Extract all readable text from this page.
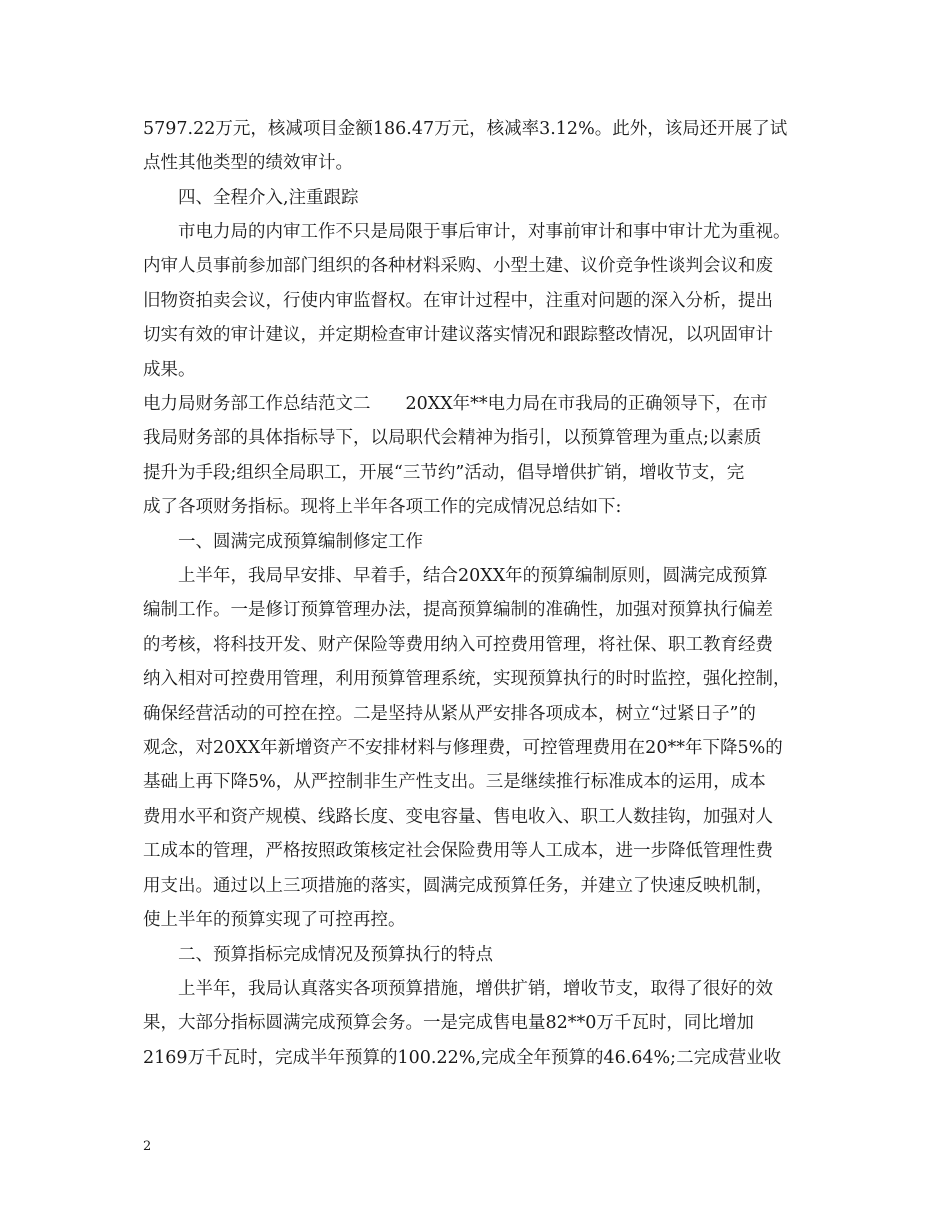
5797.22万元，核减项目金额186.47万元，核减率3.12%。此外，该局还开展了试
点性其他类型的绩效审计。
四、全程介入,注重跟踪
市电力局的内审工作不只是局限于事后审计，对事前审计和事中审计尤为重视。
内审人员事前参加部门组织的各种材料采购、小型土建、议价竞争性谈判会议和废
旧物资拍卖会议，行使内审监督权。在审计过程中，注重对问题的深入分析，提出
切实有效的审计建议，并定期检查审计建议落实情况和跟踪整改情况，以巩固审计
成果。
电力局财务部工作总结范文二　　20XX年**电力局在市我局的正确领导下，在市
我局财务部的具体指标导下，以局职代会精神为指引，以预算管理为重点;以素质
提升为手段;组织全局职工，开展“三节约”活动，倡导增供扩销，增收节支，完
成了各项财务指标。现将上半年各项工作的完成情况总结如下:
一、圆满完成预算编制修定工作
上半年，我局早安排、早着手，结合20XX年的预算编制原则，圆满完成预算
编制工作。一是修订预算管理办法，提高预算编制的准确性，加强对预算执行偏差
的考核，将科技开发、财产保险等费用纳入可控费用管理，将社保、职工教育经费
纳入相对可控费用管理，利用预算管理系统，实现预算执行的时时监控，强化控制，
确保经营活动的可控在控。二是坚持从紧从严安排各项成本，树立“过紧日子”的
观念，对20XX年新增资产不安排材料与修理费，可控管理费用在20**年下降5%的
基础上再下降5%，从严控制非生产性支出。三是继续推行标准成本的运用，成本
费用水平和资产规模、线路长度、变电容量、售电收入、职工人数挂钩，加强对人
工成本的管理，严格按照政策核定社会保险费用等人工成本，进一步降低管理性费
用支出。通过以上三项措施的落实，圆满完成预算任务，并建立了快速反映机制，
使上半年的预算实现了可控再控。
二、预算指标完成情况及预算执行的特点
上半年，我局认真落实各项预算措施，增供扩销，增收节支，取得了很好的效
果，大部分指标圆满完成预算会务。一是完成售电量82**0万千瓦时，同比增加
2169万千瓦时，完成半年预算的100.22%,完成全年预算的46.64%;二完成营业收
2
